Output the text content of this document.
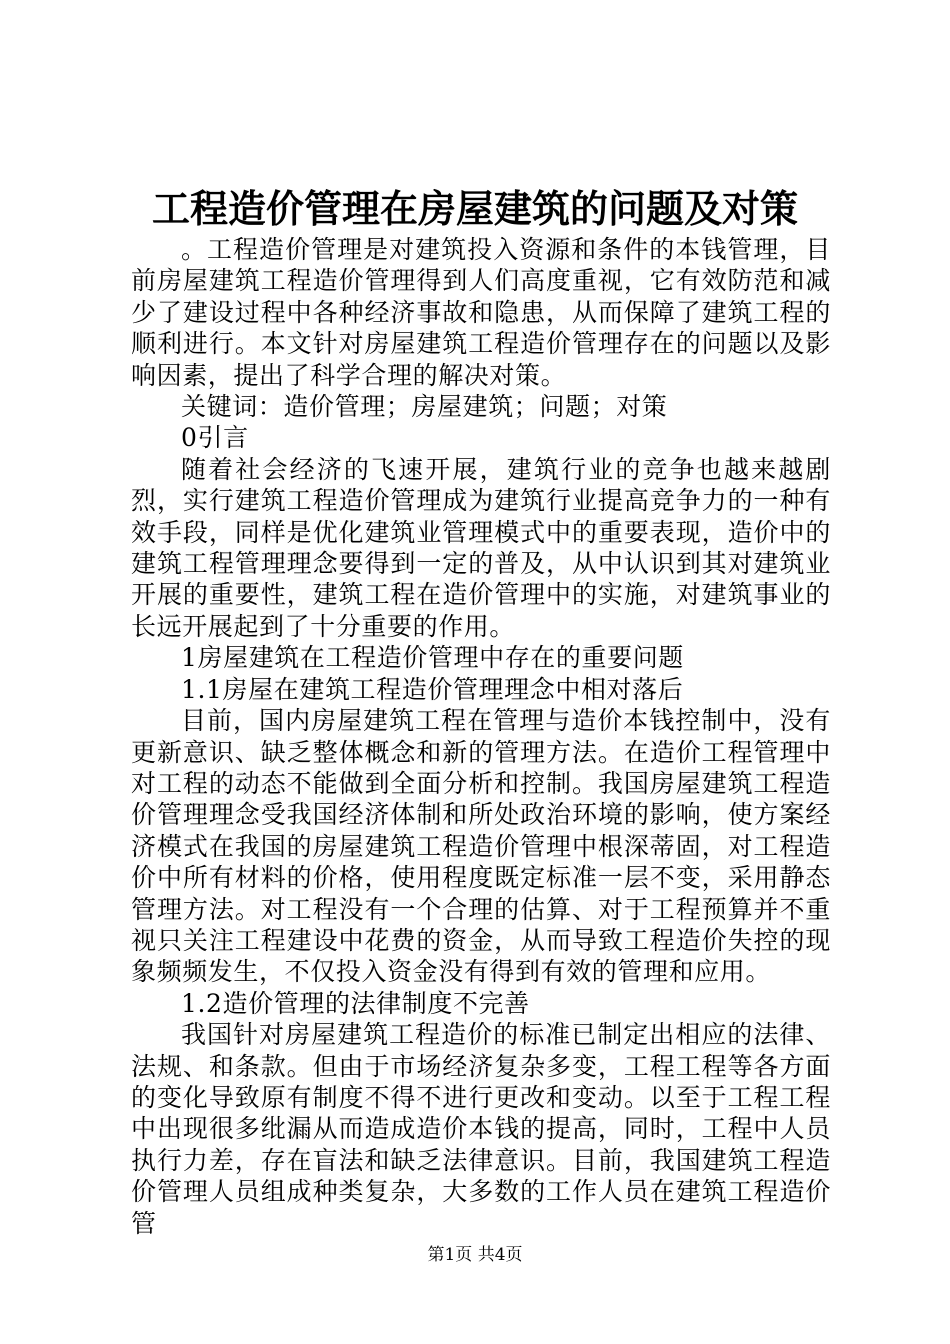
工程造价管理在房屋建筑的问题及对策

。工程造价管理是对建筑投入资源和条件的本钱管理，目前房屋建筑工程造价管理得到人们高度重视，它有效防范和减少了建设过程中各种经济事故和隐患，从而保障了建筑工程的顺利进行。本文针对房屋建筑工程造价管理存在的问题以及影响因素，提出了科学合理的解决对策。

关键词：造价管理；房屋建筑；问题；对策

0引言

随着社会经济的飞速开展，建筑行业的竞争也越来越剧烈，实行建筑工程造价管理成为建筑行业提高竞争力的一种有效手段，同样是优化建筑业管理模式中的重要表现，造价中的建筑工程管理理念要得到一定的普及，从中认识到其对建筑业开展的重要性，建筑工程在造价管理中的实施，对建筑事业的长远开展起到了十分重要的作用。

1房屋建筑在工程造价管理中存在的重要问题

1.1房屋在建筑工程造价管理理念中相对落后

目前，国内房屋建筑工程在管理与造价本钱控制中，没有更新意识、缺乏整体概念和新的管理方法。在造价工程管理中对工程的动态不能做到全面分析和控制。我国房屋建筑工程造价管理理念受我国经济体制和所处政治环境的影响，使方案经济模式在我国的房屋建筑工程造价管理中根深蒂固，对工程造价中所有材料的价格，使用程度既定标准一层不变，采用静态管理方法。对工程没有一个合理的估算、对于工程预算并不重视只关注工程建设中花费的资金，从而导致工程造价失控的现象频频发生，不仅投入资金没有得到有效的管理和应用。

1.2造价管理的法律制度不完善

我国针对房屋建筑工程造价的标准已制定出相应的法律、法规、和条款。但由于市场经济复杂多变，工程工程等各方面的变化导致原有制度不得不进行更改和变动。以至于工程工程中出现很多纰漏从而造成造价本钱的提高，同时，工程中人员执行力差，存在盲法和缺乏法律意识。目前，我国建筑工程造价管理人员组成种类复杂，大多数的工作人员在建筑工程造价管

第1页 共4页
